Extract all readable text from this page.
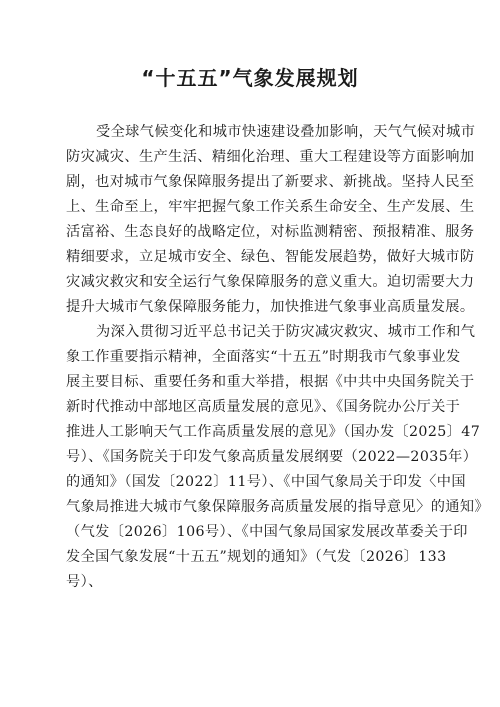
“十五五”气象发展规划

受全球气候变化和城市快速建设叠加影响，天气气候对城市
防灾减灾、生产生活、精细化治理、重大工程建设等方面影响加
剧，也对城市气象保障服务提出了新要求、新挑战。坚持人民至
上、生命至上，牢牢把握气象工作关系生命安全、生产发展、生
活富裕、生态良好的战略定位，对标监测精密、预报精准、服务
精细要求，立足城市安全、绿色、智能发展趋势，做好大城市防
灾减灾救灾和安全运行气象保障服务的意义重大。迫切需要大力
提升大城市气象保障服务能力，加快推进气象事业高质量发展。

为深入贯彻习近平总书记关于防灾减灾救灾、城市工作和气
象工作重要指示精神，全面落实“十五五”时期我市气象事业发
展主要目标、重要任务和重大举措，根据《中共中央国务院关于
新时代推动中部地区高质量发展的意见》、《国务院办公厅关于
推进人工影响天气工作高质量发展的意见》（国办发〔2025〕47
号）、《国务院关于印发气象高质量发展纲要（2022—2035年）
的通知》（国发〔2022〕11号）、《中国气象局关于印发〈中国
气象局推进大城市气象保障服务高质量发展的指导意见〉的通知》
（气发〔2026〕106号）、《中国气象局国家发展改革委关于印
发全国气象发展“十五五”规划的通知》（气发〔2026〕133
号）、
